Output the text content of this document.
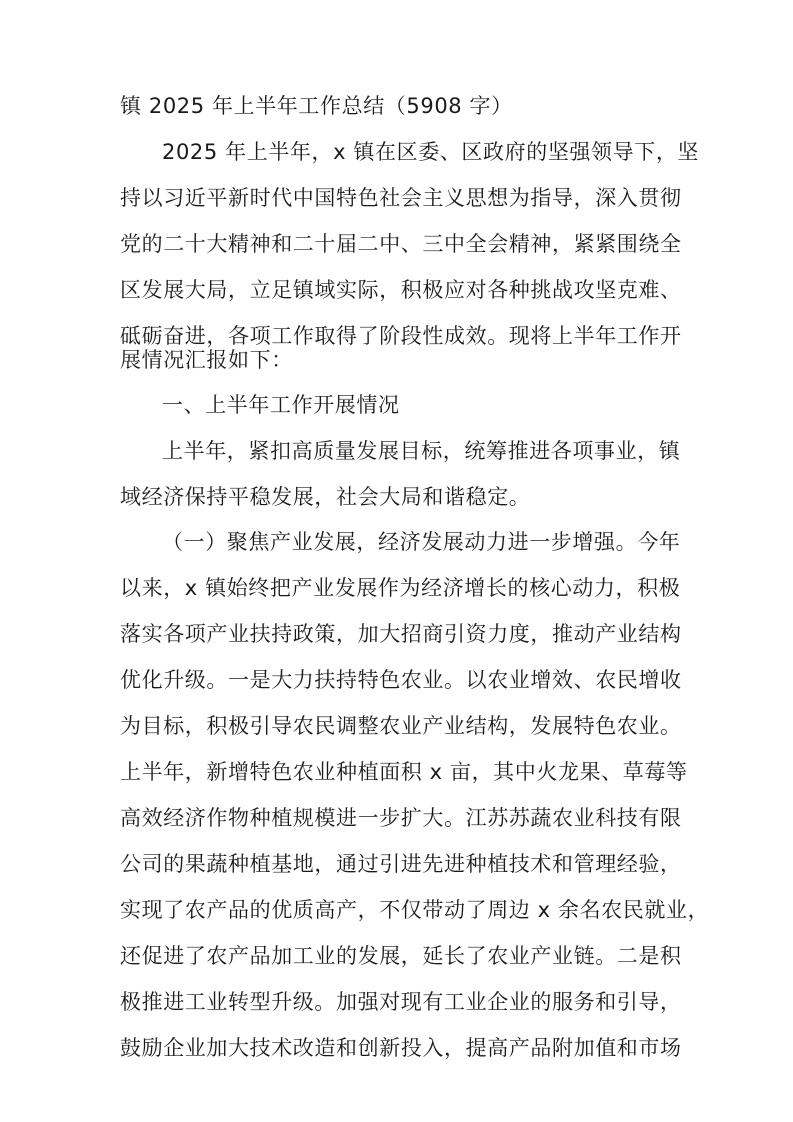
镇 2025 年上半年工作总结（5908 字）
2025 年上半年，x 镇在区委、区政府的坚强领导下，坚
持以习近平新时代中国特色社会主义思想为指导，深入贯彻
党的二十大精神和二十届二中、三中全会精神，紧紧围绕全
区发展大局，立足镇域实际，积极应对各种挑战攻坚克难、
砥砺奋进，各项工作取得了阶段性成效。现将上半年工作开
展情况汇报如下：
一、上半年工作开展情况
上半年，紧扣高质量发展目标，统筹推进各项事业，镇
域经济保持平稳发展，社会大局和谐稳定。
（一）聚焦产业发展，经济发展动力进一步增强。今年
以来，x 镇始终把产业发展作为经济增长的核心动力，积极
落实各项产业扶持政策，加大招商引资力度，推动产业结构
优化升级。一是大力扶持特色农业。以农业增效、农民增收
为目标，积极引导农民调整农业产业结构，发展特色农业。
上半年，新增特色农业种植面积 x 亩，其中火龙果、草莓等
高效经济作物种植规模进一步扩大。江苏苏蔬农业科技有限
公司的果蔬种植基地，通过引进先进种植技术和管理经验，
实现了农产品的优质高产，不仅带动了周边 x 余名农民就业，
还促进了农产品加工业的发展，延长了农业产业链。二是积
极推进工业转型升级。加强对现有工业企业的服务和引导，
鼓励企业加大技术改造和创新投入，提高产品附加值和市场
